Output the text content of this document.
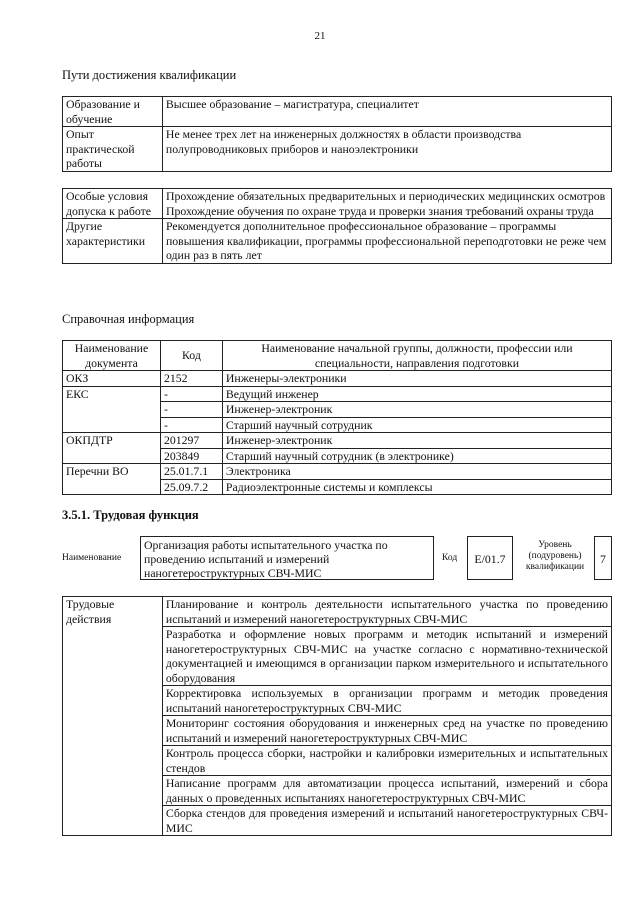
21
Пути достижения квалификации
Образование и обучение	Высшее образование – магистратура, специалитет
Опыт практической работы	Не менее трех лет на инженерных должностях в области производства полупроводниковых приборов и наноэлектроники
Особые условия допуска к работе	Прохождение обязательных предварительных и периодических медицинских осмотров
Прохождение обучения по охране труда и проверки знания требований охраны труда

Другие характеристики	Рекомендуется дополнительное профессиональное образование – программы повышения квалификации, программы профессиональной переподготовки не реже чем один раз в пять лет
Справочная информация
Наименование документа	Код	Наименование начальной группы, должности, профессии или специальности, направления подготовки
ОКЗ	2152	Инженеры-электроники
ЕКС	-	Ведущий инженер
	-	Инженер-электроник
	-	Старший научный сотрудник
ОКПДТР	201297	Инженер-электроник
	203849	Старший научный сотрудник (в электронике)
Перечни ВО	25.01.7.1	Электроника
	25.09.7.2	Радиоэлектронные системы и комплексы
3.5.1. Трудовая функция
Наименование
Организация работы испытательного участка по проведению испытаний и измерений наногетероструктурных СВЧ-МИС
Код	E/01.7
Уровень (подуровень) квалификации
7
Трудовые действия	Планирование и контроль деятельности испытательного участка по проведению испытаний и измерений наногетероструктурных СВЧ-МИС
Разработка и оформление новых программ и методик испытаний и измерений наногетероструктурных СВЧ-МИС на участке согласно с нормативно-технической документацией и имеющимся в организации парком измерительного и испытательного оборудования
Корректировка используемых в организации программ и методик проведения испытаний наногетероструктурных СВЧ-МИС
Мониторинг состояния оборудования и инженерных сред на участке по проведению испытаний и измерений наногетероструктурных СВЧ-МИС
Контроль процесса сборки, настройки и калибровки измерительных и испытательных стендов
Написание программ для автоматизации процесса испытаний, измерений и сбора данных о проведенных испытаниях наногетероструктурных СВЧ-МИС
Сборка стендов для проведения измерений и испытаний наногетероструктурных СВЧ-МИС
